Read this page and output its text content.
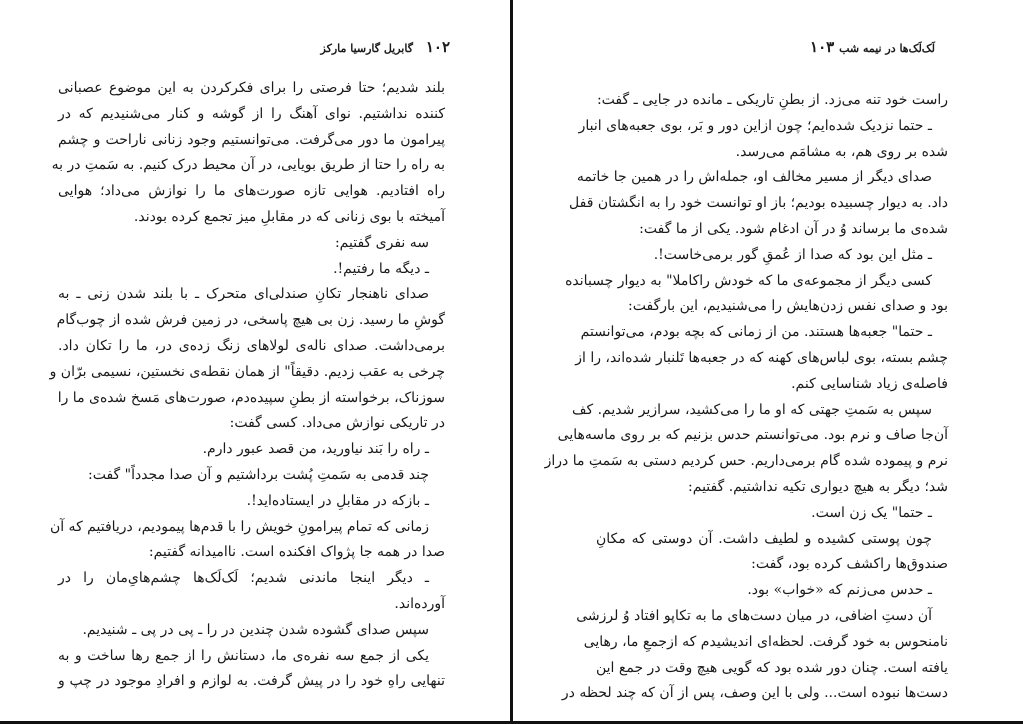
۱۰۲ گابریل گارسیا مارکز
بلند شدیم؛ حتا فرصتی را برای فکرکردن به این موضوع عصبانی
کننده نداشتیم. نوای آهنگ را از گوشه و کنار می‌شنیدیم که در
پیرامون ما دور می‌گرفت. می‌توانستیم وجود زنانی ناراحت و چشم
به راه را حتا از طریق بویایی، در آن محیط درک کنیم. به سَمتِ در به
راه افتادیم. هوایی تازه صورت‌های ما را نوازش می‌داد؛ هوایی
آمیخته با بوی زنانی که در مقابلِ میز تجمع کرده بودند.
سه نفری گفتیم:
ـ دیگه ما رفتیم!.
صدای ناهنجار تکانِ صندلی‌ای متحرک ـ با بلند شدن زنی ـ به
گوشِ ما رسید. زن بی هیچ پاسخی، در زمین فرش شده از چوب‌گام
برمی‌داشت. صدای ناله‌ی لولاهای زنگ زده‌ی در، ما را تکان داد.
چرخی به عقب زدیم. دقیقاً" از همان نقطه‌ی نخستین، نسیمی برّان و
سوزناک، برخواسته از بطنِ سپیده‌دم، صورت‌های مَسخ شده‌ی ما را
در تاریکی نوازش می‌داد. کسی گفت:
ـ راه را بَند نیاورید، من قصد عبور دارم.
چند قدمی به سَمتِ پُشت برداشتیم و آن صدا مجدداً" گفت:
ـ بازکه در مقابلِ در ایستاده‌اید!.
زمانی که تمام پیرامونِ خویش را با قدم‌ها پیمودیم، دریافتیم که آن
صدا در همه جا پژواک افکنده است. ناامیدانه گفتیم:
ـ دیگر اینجا ماندنی شدیم؛ لَک‌لَک‌ها چشم‌هایِ‌مان را در
آورده‌اند.
سپس صدای گشوده شدن چندین در را ـ پی در پی ـ شنیدیم.
یکی از جمع سه نفره‌ی ما، دستانش را از جمع رها ساخت و به
تنهایی راهِ خود را در پیش گرفت. به لوازم و افرادِ موجود در چپ و
لَک‌لَک‌ها در نیمه شب ۱۰۳
راست خود تنه می‌زد. از بطنِ تاریکی ـ مانده در جایی ـ گفت:
ـ حتما نزدیک شده‌ایم؛ چون ازاین دور و بَر، بوی جعبه‌های انبار
شده بر روی هم، به مشامَم می‌رسد.
صدای دیگر از مسیر مخالف او، جمله‌اش را در همین جا خاتمه
داد. به دیوار چسبیده بودیم؛ باز او توانست خود را به انگشتان قفل
شده‌ی ما برساند وُ در آن ادغام شود. یکی از ما گفت:
ـ مثل این بود که صدا از عُمقِ گور برمی‌خاست!.
کسی دیگر از مجموعه‌ی ما که خودش راکاملا" به دیوار چسبانده
بود و صدای نفس زدن‌هایش را می‌شنیدیم، این بارگفت:
ـ حتما" جعبه‌ها هستند. من از زمانی که بچه بودم، می‌توانستم
چشم بسته، بوی لباس‌های کهنه که در جعبه‌ها تَلنبار شده‌اند، را از
فاصله‌ی زیاد شناسایی کنم.
سپس به سَمتِ جهتی که او ما را می‌کشید، سرازیر شدیم. کف
آن‌جا صاف و نرم بود. می‌توانستم حدس بزنیم که بر روی ماسه‌هایی
نرم و پیموده شده گام برمی‌داریم. حس کردیم دستی به سَمتِ ما دراز
شد؛ دیگر به هیچ دیواری تکیه نداشتیم. گفتیم:
ـ حتما" یک زن است.
چون پوستی کشیده و لطیف داشت. آن دوستی که مکانِ
صندوق‌ها راکشف کرده بود، گفت:
ـ حدس می‌زنم که «خواب» بود.
آن دستِ اضافی، در میان دست‌های ما به تکاپو افتاد وُ لرزشی
نامنحوس به خود گرفت. لحظه‌ای اندیشیدم که ازجمعِ ما، رهایی
یافته است. چنان دور شده بود که گویی هیچ وقت در جمع این
دست‌ها نبوده است... ولی با این وصف، پس از آن که چند لحظه در
